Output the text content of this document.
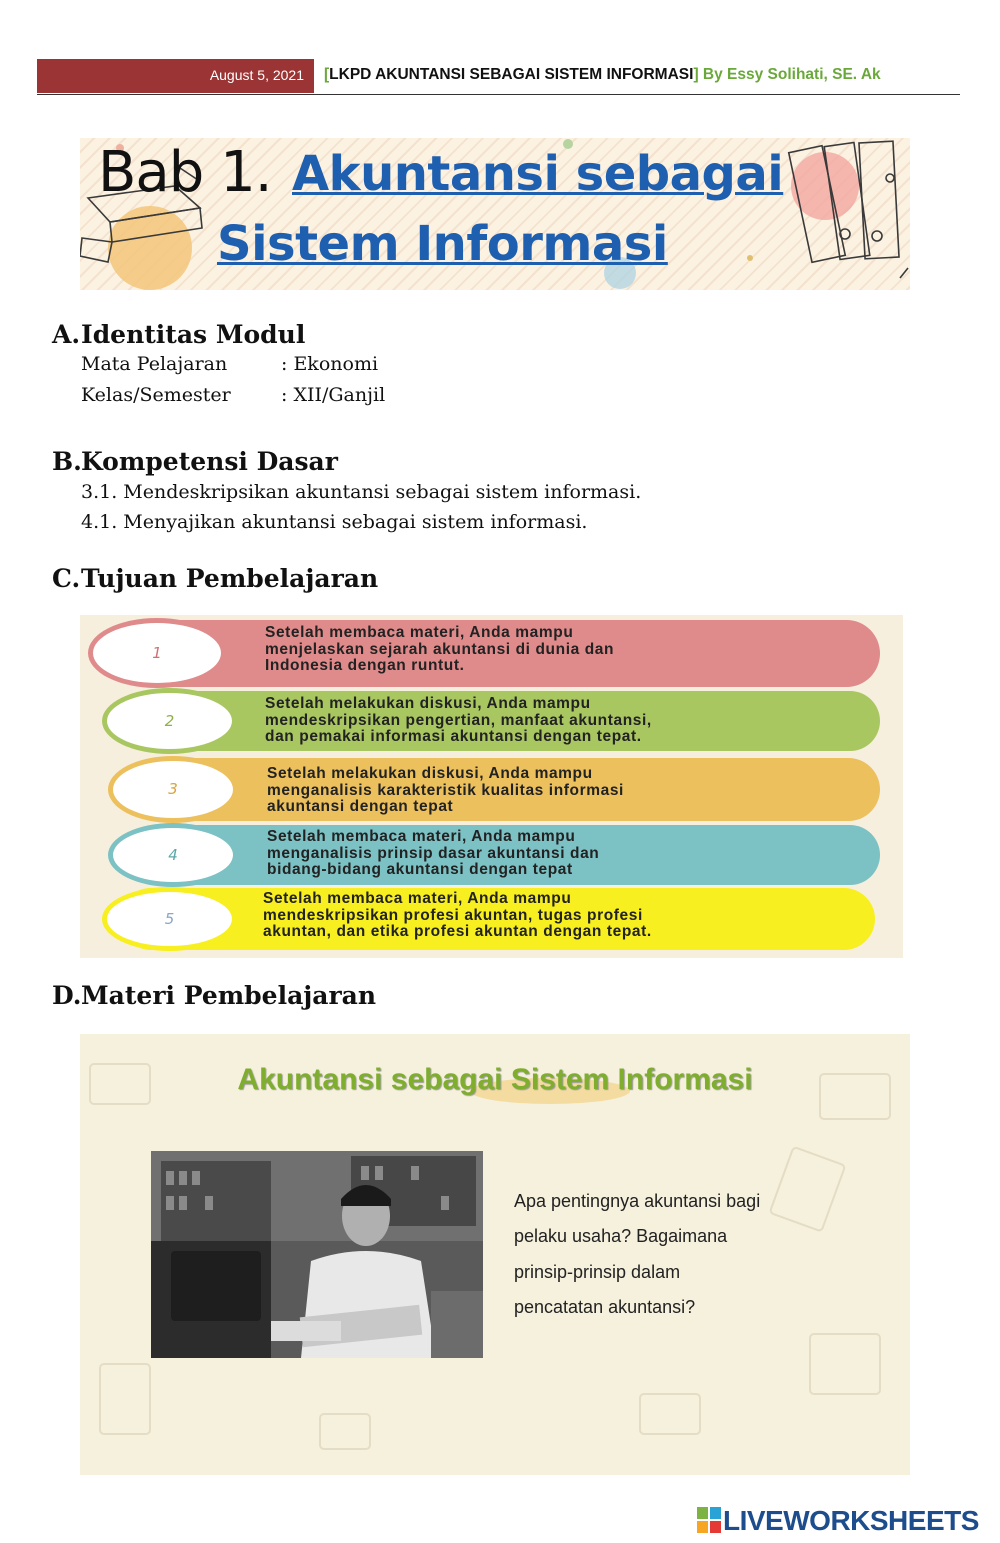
August 5, 2021 [LKPD AKUNTANSI SEBAGAI SISTEM INFORMASI] By Essy Solihati, SE. Ak
Bab 1. Akuntansi sebagai
Sistem Informasi
A.Identitas Modul
Mata Pelajaran	: Ekonomi
Kelas/Semester	: XII/Ganjil
B.Kompetensi Dasar
3.1. Mendeskripsikan akuntansi sebagai sistem informasi.
4.1. Menyajikan akuntansi sebagai sistem informasi.
C.Tujuan Pembelajaran
1
Setelah membaca materi, Anda mampu
menjelaskan sejarah akuntansi di dunia dan
Indonesia dengan runtut.
2
Setelah melakukan diskusi, Anda mampu
mendeskripsikan pengertian, manfaat akuntansi,
dan pemakai informasi akuntansi dengan tepat.
3
Setelah melakukan diskusi, Anda mampu
menganalisis karakteristik kualitas informasi
akuntansi dengan tepat
4
Setelah membaca materi, Anda mampu
menganalisis prinsip dasar akuntansi dan
bidang-bidang akuntansi dengan tepat
5
Setelah membaca materi, Anda mampu
mendeskripsikan profesi akuntan, tugas profesi
akuntan, dan etika profesi akuntan dengan tepat.
D.Materi Pembelajaran
Akuntansi sebagai Sistem Informasi
Apa pentingnya akuntansi bagi
pelaku usaha? Bagaimana
prinsip-prinsip dalam
pencatatan akuntansi?
LIVEWORKSHEETS
